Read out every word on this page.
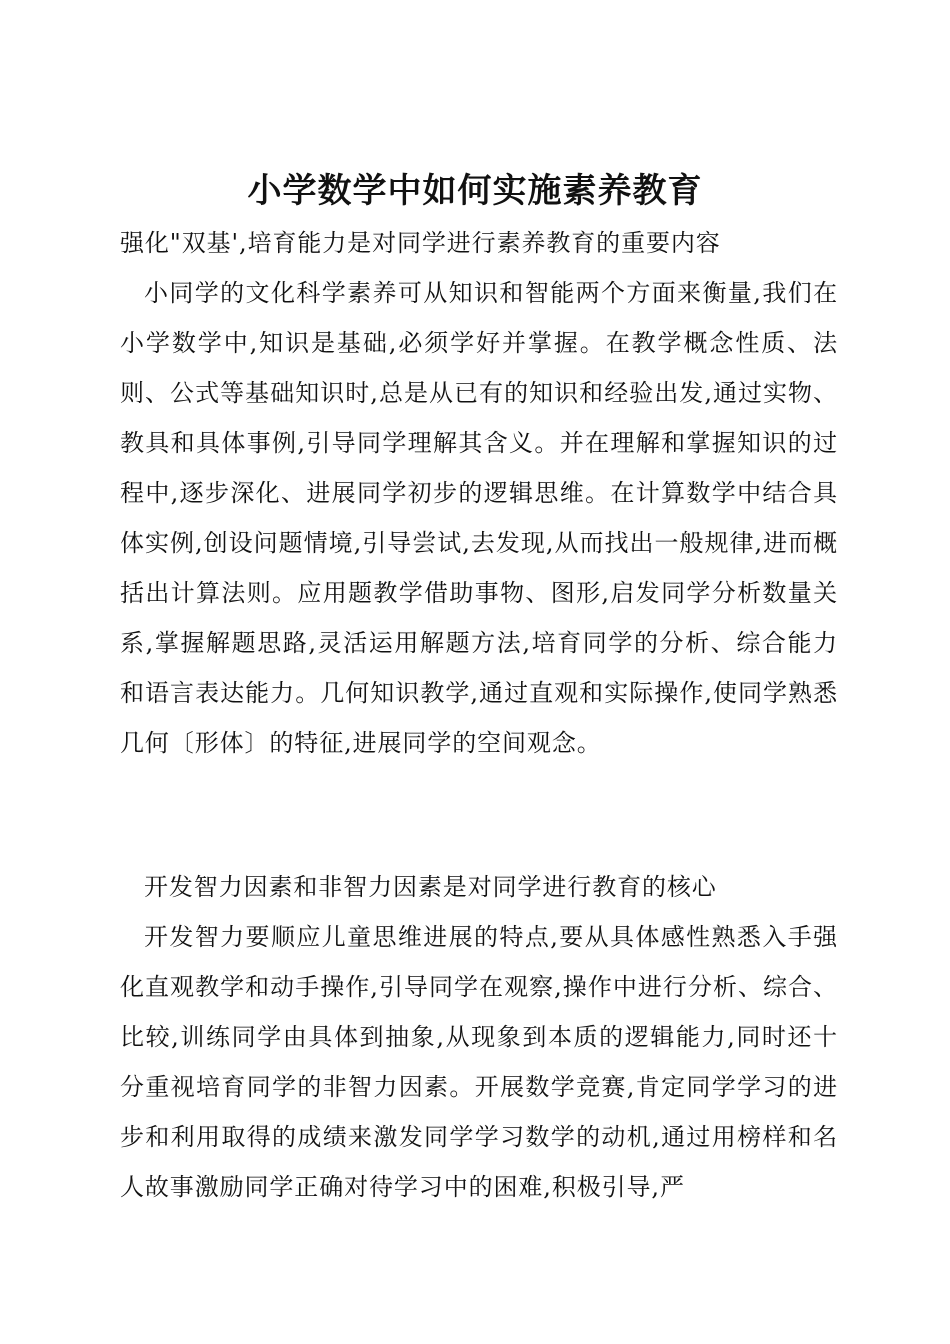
小学数学中如何实施素养教育

强化"双基',培育能力是对同学进行素养教育的重要内容

小同学的文化科学素养可从知识和智能两个方面来衡量,我们在小学数学中,知识是基础,必须学好并掌握。在教学概念性质、法则、公式等基础知识时,总是从已有的知识和经验出发,通过实物、教具和具体事例,引导同学理解其含义。并在理解和掌握知识的过程中,逐步深化、进展同学初步的逻辑思维。在计算数学中结合具体实例,创设问题情境,引导尝试,去发现,从而找出一般规律,进而概括出计算法则。应用题教学借助事物、图形,启发同学分析数量关系,掌握解题思路,灵活运用解题方法,培育同学的分析、综合能力和语言表达能力。几何知识教学,通过直观和实际操作,使同学熟悉几何〔形体〕的特征,进展同学的空间观念。

开发智力因素和非智力因素是对同学进行教育的核心

开发智力要顺应儿童思维进展的特点,要从具体感性熟悉入手强化直观教学和动手操作,引导同学在观察,操作中进行分析、综合、比较,训练同学由具体到抽象,从现象到本质的逻辑能力,同时还十分重视培育同学的非智力因素。开展数学竞赛,肯定同学学习的进步和利用取得的成绩来激发同学学习数学的动机,通过用榜样和名人故事激励同学正确对待学习中的困难,积极引导,严
